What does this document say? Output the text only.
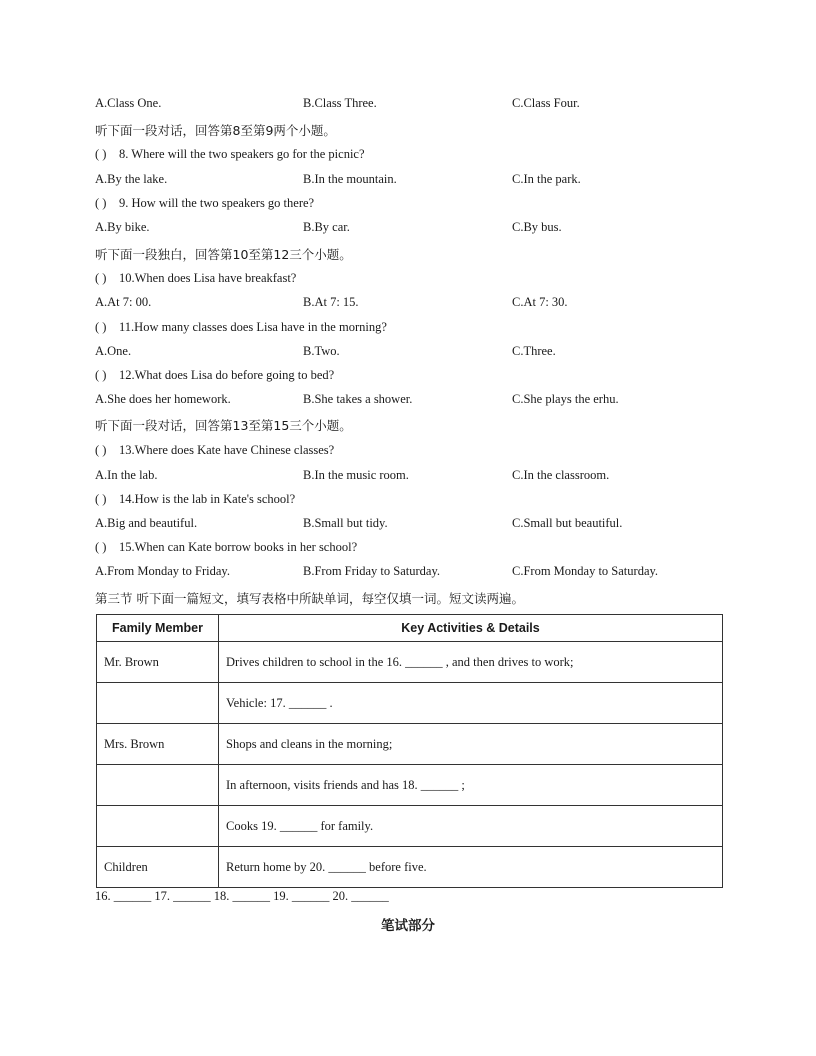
A.Class One.	B.Class Three.	C.Class Four.
听下面一段对话，回答第8至第9两个小题。
( ) 8. Where will the two speakers go for the picnic?
A.By the lake.	B.In the mountain.	C.In the park.
( ) 9. How will the two speakers go there?
A.By bike.	B.By car.	C.By bus.
听下面一段独白，回答第10至第12三个小题。
( ) 10.When does Lisa have breakfast?
A.At 7: 00.	B.At 7: 15.	C.At 7: 30.
( ) 11.How many classes does Lisa have in the morning?
A.One.	B.Two.	C.Three.
( ) 12.What does Lisa do before going to bed?
A.She does her homework.	B.She takes a shower.	C.She plays the erhu.
听下面一段对话，回答第13至第15三个小题。
( ) 13.Where does Kate have Chinese classes?
A.In the lab.	B.In the music room.	C.In the classroom.
( ) 14.How is the lab in Kate's school?
A.Big and beautiful.	B.Small but tidy.	C.Small but beautiful.
( ) 15.When can Kate borrow books in her school?
A.From Monday to Friday.	B.From Friday to Saturday.	C.From Monday to Saturday.
第三节 听下面一篇短文，填写表格中所缺单词，每空仅填一词。短文读两遍。
Family Member	Key Activities & Details
Mr. Brown	Drives children to school in the 16. ______ , and then drives to work;
	Vehicle: 17. ______ .
Mrs. Brown	Shops and cleans in the morning;
	In afternoon, visits friends and has 18. ______ ;
	Cooks 19. ______ for family.
Children	Return home by 20. ______ before five.
16. ______ 17. ______ 18. ______ 19. ______ 20. ______
笔试部分
